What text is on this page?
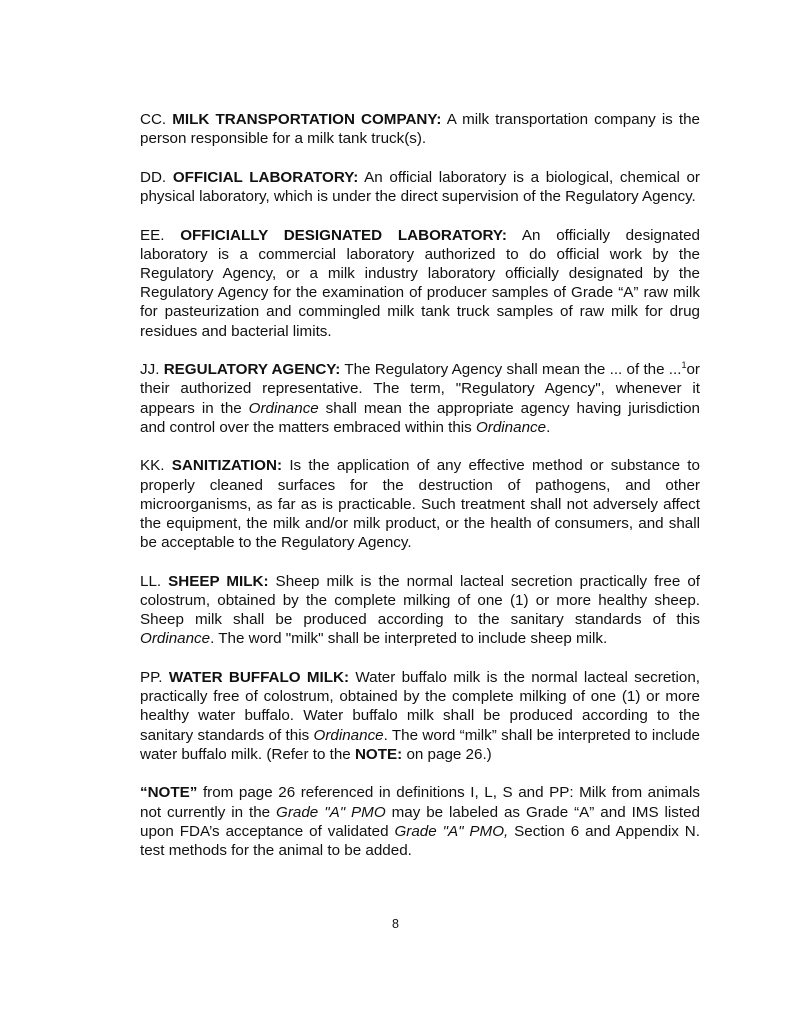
CC. MILK TRANSPORTATION COMPANY: A milk transportation company is the person responsible for a milk tank truck(s).

DD. OFFICIAL LABORATORY: An official laboratory is a biological, chemical or physical laboratory, which is under the direct supervision of the Regulatory Agency.

EE. OFFICIALLY DESIGNATED LABORATORY: An officially designated laboratory is a commercial laboratory authorized to do official work by the Regulatory Agency, or a milk industry laboratory officially designated by the Regulatory Agency for the examination of producer samples of Grade “A” raw milk for pasteurization and commingled milk tank truck samples of raw milk for drug residues and bacterial limits.

JJ. REGULATORY AGENCY: The Regulatory Agency shall mean the ... of the ...$^1$or their authorized representative. The term, "Regulatory Agency", whenever it appears in the Ordinance shall mean the appropriate agency having jurisdiction and control over the matters embraced within this Ordinance.

KK. SANITIZATION: Is the application of any effective method or substance to properly cleaned surfaces for the destruction of pathogens, and other microorganisms, as far as is practicable. Such treatment shall not adversely affect the equipment, the milk and/or milk product, or the health of consumers, and shall be acceptable to the Regulatory Agency.

LL. SHEEP MILK: Sheep milk is the normal lacteal secretion practically free of colostrum, obtained by the complete milking of one (1) or more healthy sheep. Sheep milk shall be produced according to the sanitary standards of this Ordinance. The word "milk" shall be interpreted to include sheep milk.

PP. WATER BUFFALO MILK: Water buffalo milk is the normal lacteal secretion, practically free of colostrum, obtained by the complete milking of one (1) or more healthy water buffalo. Water buffalo milk shall be produced according to the sanitary standards of this Ordinance. The word “milk” shall be interpreted to include water buffalo milk. (Refer to the NOTE: on page 26.)

“NOTE” from page 26 referenced in definitions I, L, S and PP: Milk from animals not currently in the Grade "A" PMO may be labeled as Grade “A” and IMS listed upon FDA’s acceptance of validated Grade "A" PMO, Section 6 and Appendix N. test methods for the animal to be added.

8
